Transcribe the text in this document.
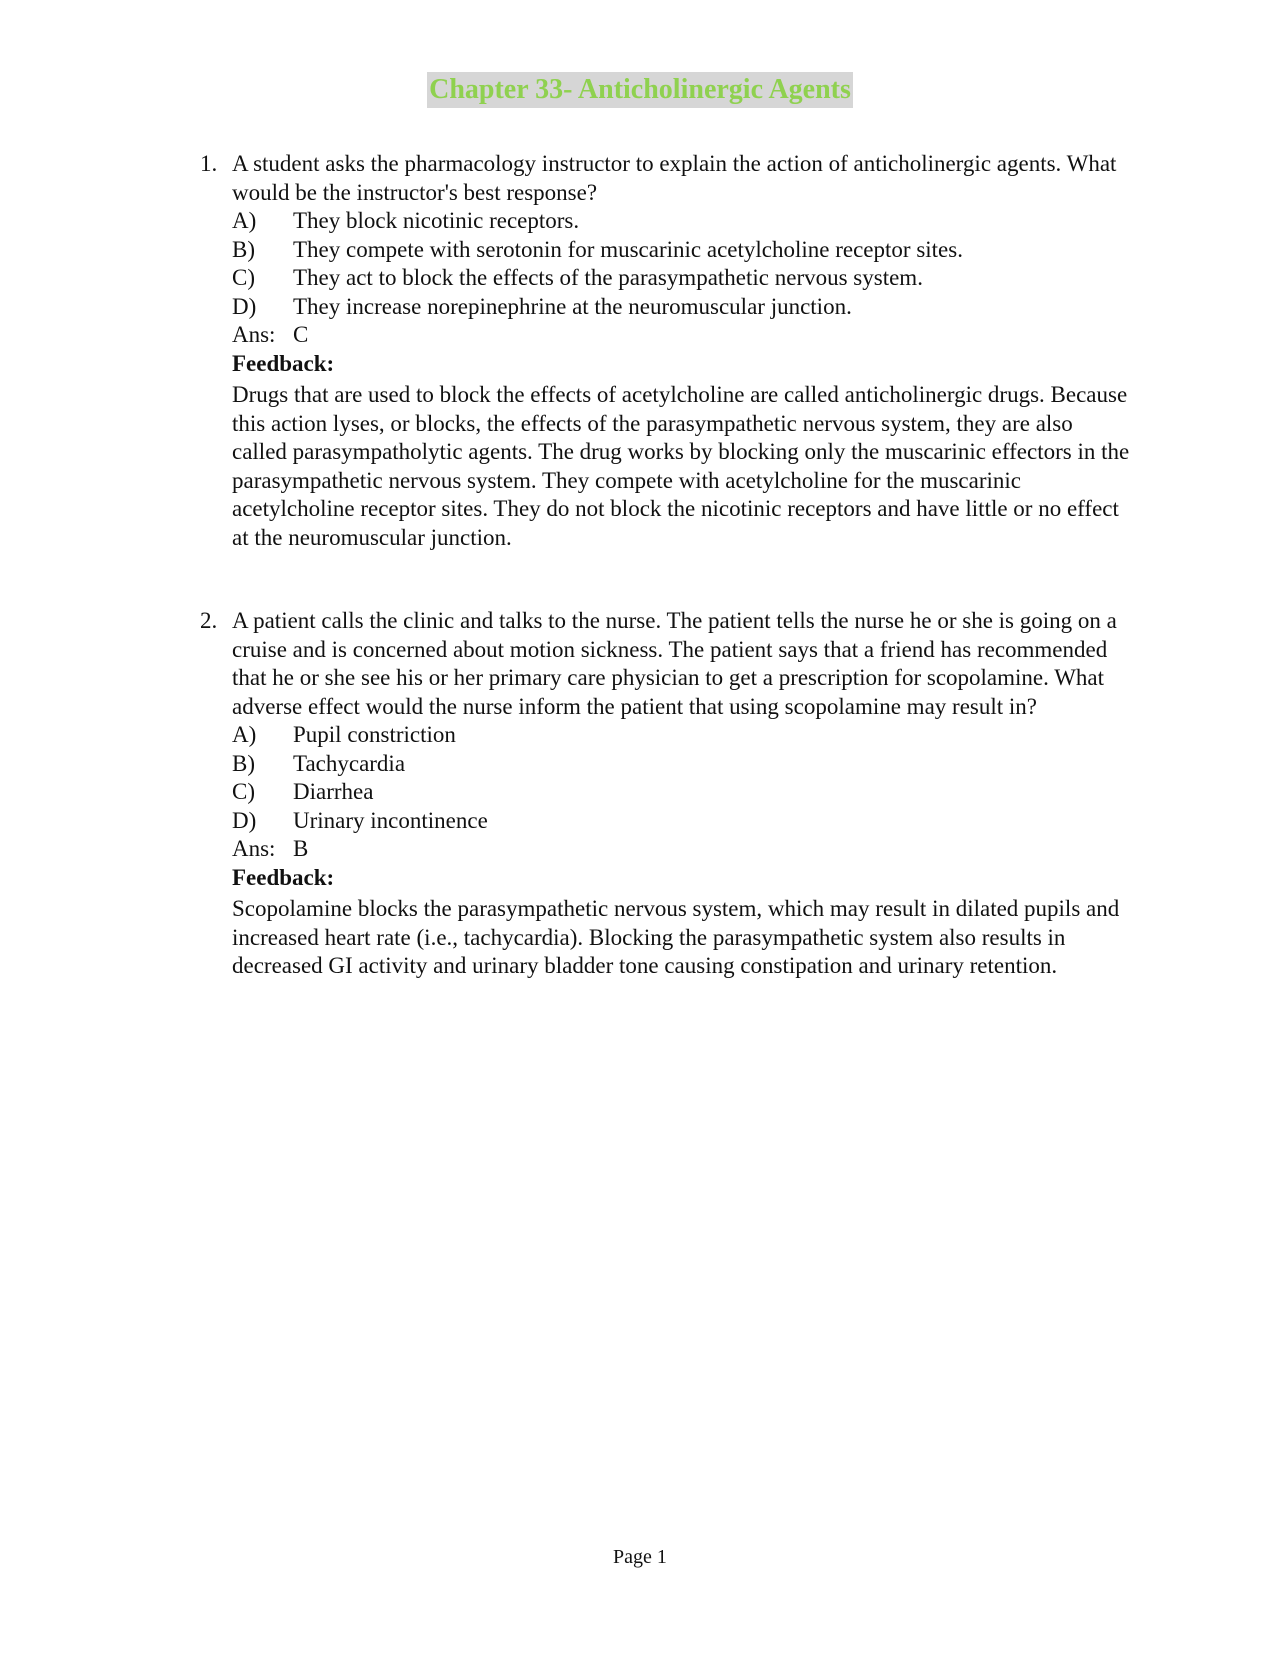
Chapter 33- Anticholinergic Agents
1. A student asks the pharmacology instructor to explain the action of anticholinergic agents. What would be the instructor's best response?
A)	They block nicotinic receptors.
B)	They compete with serotonin for muscarinic acetylcholine receptor sites.
C)	They act to block the effects of the parasympathetic nervous system.
D)	They increase norepinephrine at the neuromuscular junction.
Ans: C
Feedback:
Drugs that are used to block the effects of acetylcholine are called anticholinergic drugs. Because this action lyses, or blocks, the effects of the parasympathetic nervous system, they are also called parasympatholytic agents. The drug works by blocking only the muscarinic effectors in the parasympathetic nervous system. They compete with acetylcholine for the muscarinic acetylcholine receptor sites. They do not block the nicotinic receptors and have little or no effect at the neuromuscular junction.
2. A patient calls the clinic and talks to the nurse. The patient tells the nurse he or she is going on a cruise and is concerned about motion sickness. The patient says that a friend has recommended that he or she see his or her primary care physician to get a prescription for scopolamine. What adverse effect would the nurse inform the patient that using scopolamine may result in?
A)	Pupil constriction
B)	Tachycardia
C)	Diarrhea
D)	Urinary incontinence
Ans: B
Feedback:
Scopolamine blocks the parasympathetic nervous system, which may result in dilated pupils and increased heart rate (i.e., tachycardia). Blocking the parasympathetic system also results in decreased GI activity and urinary bladder tone causing constipation and urinary retention.
Page 1
